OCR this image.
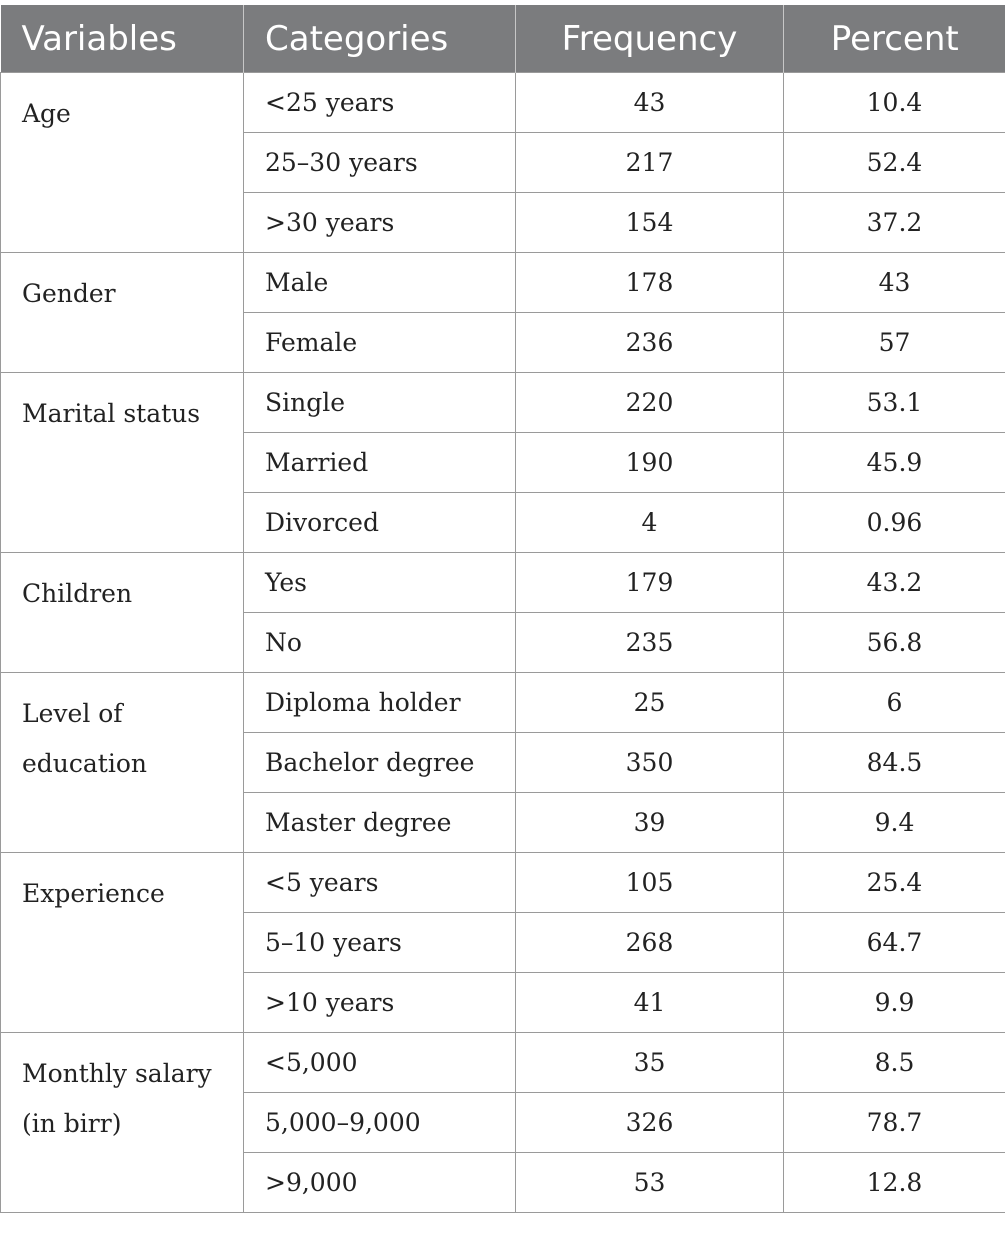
Variables	Categories	Frequency	Percent
Age	<25 years	43	10.4
	25–30 years	217	52.4
	>30 years	154	37.2
Gender	Male	178	43
	Female	236	57
Marital status	Single	220	53.1
	Married	190	45.9
	Divorced	4	0.96
Children	Yes	179	43.2
	No	235	56.8
Level of education	Diploma holder	25	6
	Bachelor degree	350	84.5
	Master degree	39	9.4
Experience	<5 years	105	25.4
	5–10 years	268	64.7
	>10 years	41	9.9
Monthly salary (in birr)	<5,000	35	8.5
	5,000–9,000	326	78.7
	>9,000	53	12.8
